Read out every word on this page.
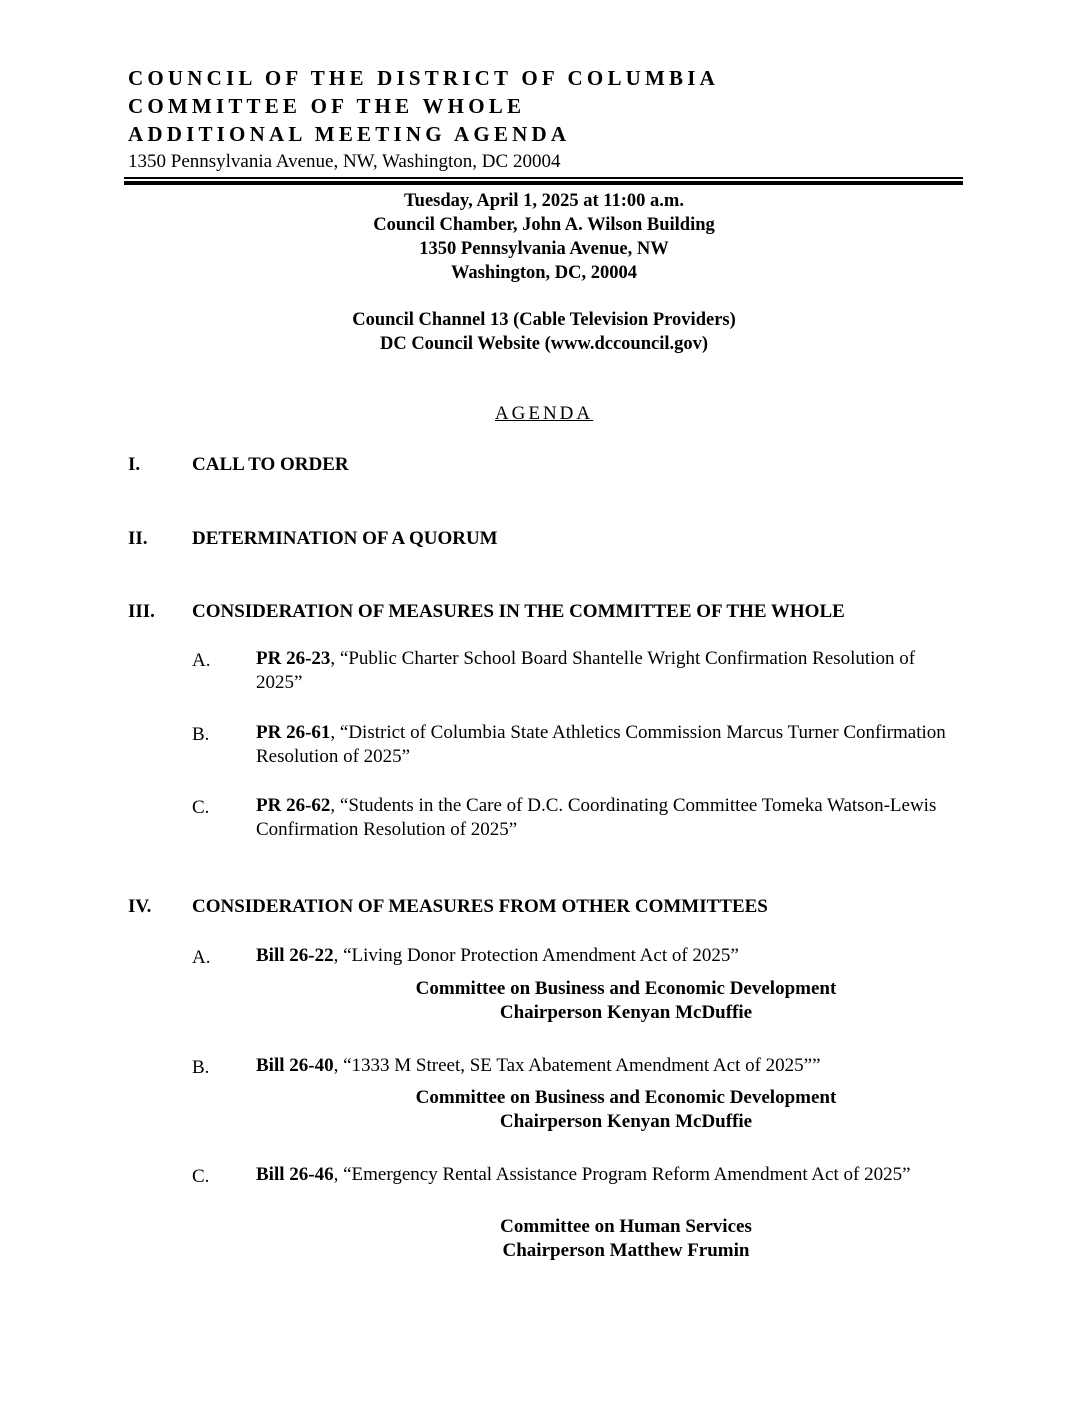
COUNCIL OF THE DISTRICT OF COLUMBIA
COMMITTEE OF THE WHOLE
ADDITIONAL MEETING AGENDA
1350 Pennsylvania Avenue, NW, Washington, DC 20004
Tuesday, April 1, 2025 at 11:00 a.m.
Council Chamber, John A. Wilson Building
1350 Pennsylvania Avenue, NW
Washington, DC, 20004
Council Channel 13 (Cable Television Providers)
DC Council Website (www.dccouncil.gov)
AGENDA
I.	CALL TO ORDER
II. DETERMINATION OF A QUORUM
III. CONSIDERATION OF MEASURES IN THE COMMITTEE OF THE WHOLE
A. PR 26-23, “Public Charter School Board Shantelle Wright Confirmation Resolution of 2025”
B. PR 26-61, “District of Columbia State Athletics Commission Marcus Turner Confirmation Resolution of 2025”
C. PR 26-62, “Students in the Care of D.C. Coordinating Committee Tomeka Watson-Lewis Confirmation Resolution of 2025”
IV. CONSIDERATION OF MEASURES FROM OTHER COMMITTEES
A. Bill 26-22, “Living Donor Protection Amendment Act of 2025”
Committee on Business and Economic Development
Chairperson Kenyan McDuffie
B. Bill 26-40, “1333 M Street, SE Tax Abatement Amendment Act of 2025””
Committee on Business and Economic Development
Chairperson Kenyan McDuffie
C. Bill 26-46, “Emergency Rental Assistance Program Reform Amendment Act of 2025”
Committee on Human Services
Chairperson Matthew Frumin
